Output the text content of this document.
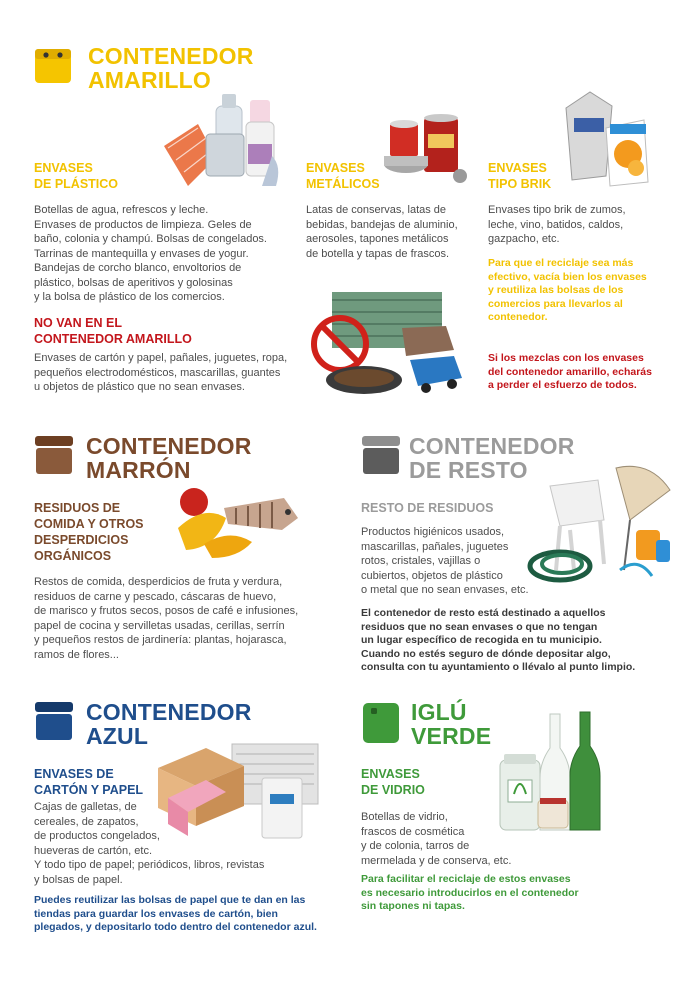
CONTENEDOR
AMARILLO
ENVASES
DE PLÁSTICO
Botellas de agua, refrescos y leche.
Envases de productos de limpieza. Geles de
baño, colonia y champú. Bolsas de congelados.
Tarrinas de mantequilla y envases de yogur.
Bandejas de corcho blanco, envoltorios de
plástico, bolsas de aperitivos y golosinas
y la bolsa de plástico de los comercios.
ENVASES
METÁLICOS
Latas de conservas, latas de
bebidas, bandejas de aluminio,
aerosoles, tapones metálicos
de botella y tapas de frascos.
ENVASES
TIPO BRIK
Envases tipo brik de zumos,
leche, vino, batidos, caldos,
gazpacho, etc.
Para que el reciclaje sea más
efectivo, vacía bien los envases
y reutiliza las bolsas de los
comercios para llevarlos al
contenedor.
Si los mezclas con los envases
del contenedor amarillo, echarás
a perder el esfuerzo de todos.
NO VAN EN EL
CONTENEDOR AMARILLO
Envases de cartón y papel, pañales, juguetes, ropa,
pequeños electrodomésticos, mascarillas, guantes
u objetos de plástico que no sean envases.
CONTENEDOR
MARRÓN
RESIDUOS DE
COMIDA Y OTROS
DESPERDICIOS
ORGÁNICOS
Restos de comida, desperdicios de fruta y verdura,
residuos de carne y pescado, cáscaras de huevo,
de marisco y frutos secos, posos de café e infusiones,
papel de cocina y servilletas usadas, cerillas, serrín
y pequeños restos de jardinería: plantas, hojarasca,
ramos de flores...
CONTENEDOR
DE RESTO
RESTO DE RESIDUOS
Productos higiénicos usados,
mascarillas, pañales, juguetes
rotos, cristales, vajillas o
cubiertos, objetos de plástico
o metal que no sean envases, etc.
El contenedor de resto está destinado a aquellos
residuos que no sean envases o que no tengan
un lugar específico de recogida en tu municipio.
Cuando no estés seguro de dónde depositar algo,
consulta con tu ayuntamiento o llévalo al punto limpio.
CONTENEDOR
AZUL
ENVASES DE
CARTÓN Y PAPEL
Cajas de galletas, de
cereales, de zapatos,
de productos congelados,
hueveras de cartón, etc.
Y todo tipo de papel; periódicos, libros, revistas
y bolsas de papel.
Puedes reutilizar las bolsas de papel que te dan en las
tiendas para guardar los envases de cartón, bien
plegados, y depositarlo todo dentro del contenedor azul.
IGLÚ
VERDE
ENVASES
DE VIDRIO
Botellas de vidrio,
frascos de cosmética
y de colonia, tarros de
mermelada y de conserva, etc.
Para facilitar el reciclaje de estos envases
es necesario introducirlos en el contenedor
sin tapones ni tapas.
